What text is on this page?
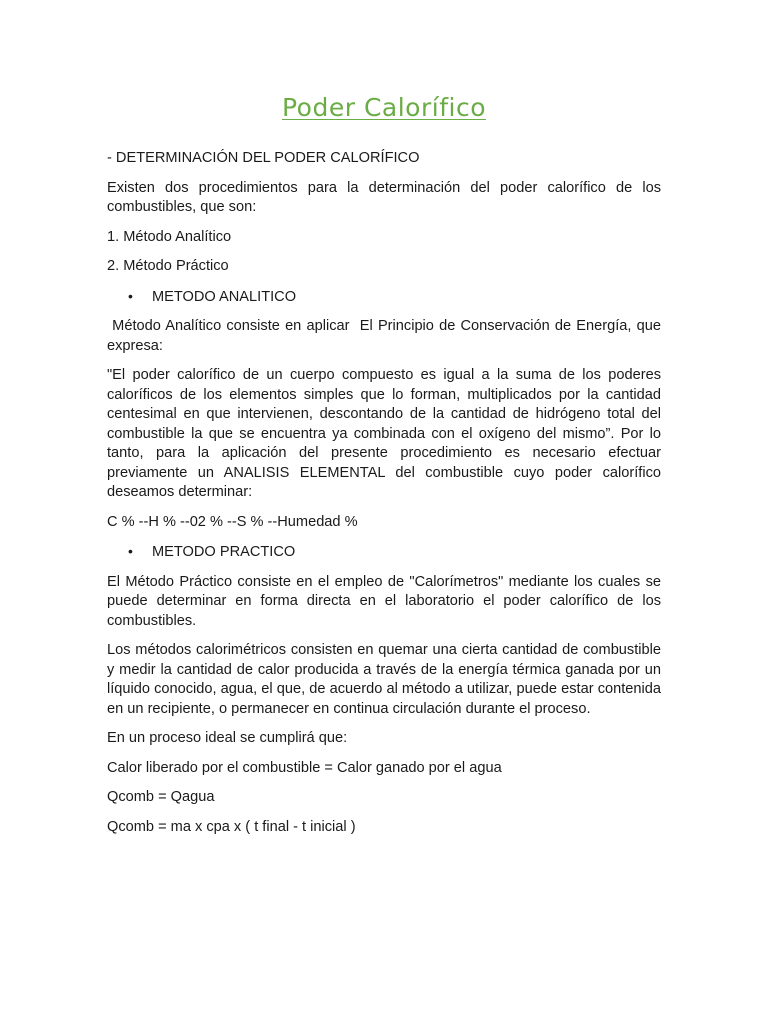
Poder Calorífico

- DETERMINACIÓN DEL PODER CALORÍFICO

Existen dos procedimientos para la determinación del poder calorífico de los combustibles, que son:

1. Método Analítico

2. Método Práctico

•	METODO ANALITICO

Método Analítico consiste en aplicar  El Principio de Conservación de Energía, que expresa:

"El poder calorífico de un cuerpo compuesto es igual a la suma de los poderes caloríficos de los elementos simples que lo forman, multiplicados por la cantidad centesimal en que intervienen, descontando de la cantidad de hidrógeno total del combustible la que se encuentra ya combinada con el oxígeno del mismo”. Por lo tanto, para la aplicación del presente procedimiento es necesario efectuar previamente un ANALISIS ELEMENTAL del combustible cuyo poder calorífico deseamos determinar:

C % --H % --02 % --S % --Humedad %

•	METODO PRACTICO

El Método Práctico consiste en el empleo de "Calorímetros" mediante los cuales se puede determinar en forma directa en el laboratorio el poder calorífico de los combustibles.

Los métodos calorimétricos consisten en quemar una cierta cantidad de combustible y medir la cantidad de calor producida a través de la energía térmica ganada por un líquido conocido, agua, el que, de acuerdo al método a utilizar, puede estar contenida en un recipiente, o permanecer en continua circulación durante el proceso.

En un proceso ideal se cumplirá que:

Calor liberado por el combustible = Calor ganado por el agua

Qcomb = Qagua

Qcomb = ma x cpa x ( t final - t inicial )
